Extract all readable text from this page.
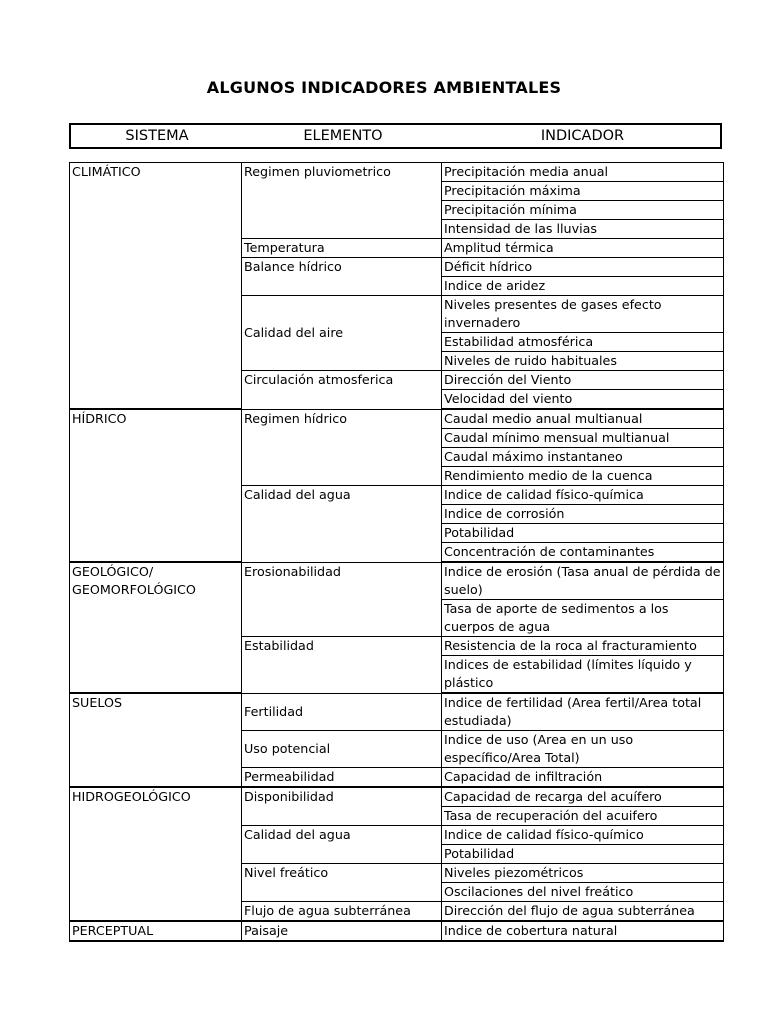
ALGUNOS INDICADORES AMBIENTALES
SISTEMA	ELEMENTO	INDICADOR
CLIMÁTICO	Regimen pluviometrico	Precipitación media anual
		Precipitación máxima
		Precipitación mínima
		Intensidad de las lluvias
	Temperatura	Amplitud térmica
	Balance hídrico	Déficit hídrico
		Indice de aridez
	Calidad del aire	Niveles presentes de gases efecto invernadero
		Estabilidad atmosférica
		Niveles de ruido habituales
	Circulación atmosferica	Dirección del Viento
		Velocidad del viento
HÍDRICO	Regimen hídrico	Caudal medio anual multianual
		Caudal mínimo mensual multianual
		Caudal máximo instantaneo
		Rendimiento medio de la cuenca
	Calidad del agua	Indice de calidad físico-química
		Indice de corrosión
		Potabilidad
		Concentración de contaminantes
GEOLÓGICO/ GEOMORFOLÓGICO	Erosionabilidad	Indice de erosión (Tasa anual de pérdida de suelo)
		Tasa de aporte de sedimentos a los cuerpos de agua
	Estabilidad	Resistencia de la roca al fracturamiento
		Indices de estabilidad (límites líquido y plástico
SUELOS	Fertilidad	Indice de fertilidad (Area fertil/Area total estudiada)
	Uso potencial	Indice de uso (Area en un uso específico/Area Total)
	Permeabilidad	Capacidad de infiltración
HIDROGEOLÓGICO	Disponibilidad	Capacidad de recarga del acuífero
		Tasa de recuperación del acuifero
	Calidad del agua	Indice de calidad físico-químico
		Potabilidad
	Nivel freático	Niveles piezométricos
		Oscilaciones del nivel freático
	Flujo de agua subterránea	Dirección del flujo de agua subterránea
PERCEPTUAL	Paisaje	Indice de cobertura natural
